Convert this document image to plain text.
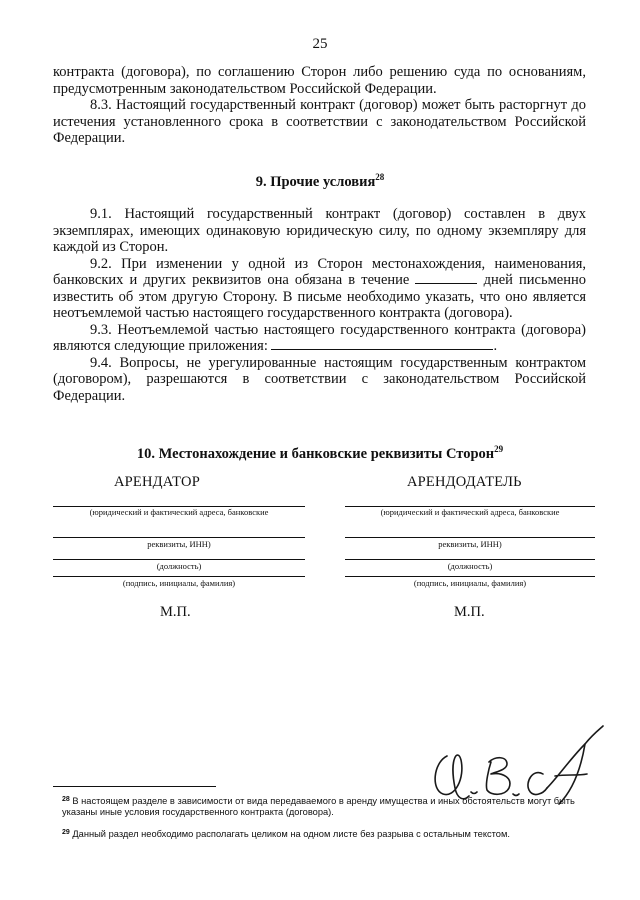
25

контракта (договора), по соглашению Сторон либо решению суда по основаниям,

предусмотренным законодательством Российской Федерации.

8.3. Настоящий государственный контракт (договор) может быть расторгнут до истечения установленного срока в соответствии с законодательством Российской Федерации.

9. Прочие условия$^{28}$

9.1. Настоящий государственный контракт (договор) составлен в двух экземплярах, имеющих одинаковую юридическую силу, по одному экземпляру для каждой из Сторон.

9.2. При изменении у одной из Сторон местонахождения, наименования, банковских и других реквизитов она обязана в течение	дней письменно известить об этом другую Сторону. В письме необходимо указать, что оно является неотъемлемой частью настоящего государственного контракта (договора).

9.3. Неотъемлемой частью настоящего государственного контракта (договора) являются следующие приложения:	.

9.4. Вопросы, не урегулированные настоящим государственным контрактом (договором), разрешаются в соответствии с законодательством Российской Федерации.

10. Местонахождение и банковские реквизиты Сторон$^{29}$
АРЕНДАТОР
(юридический и фактический адреса, банковские
реквизиты, ИНН)
(должность)
(подпись, инициалы, фамилия)
М.П.
АРЕНДОДАТЕЛЬ
(юридический и фактический адреса, банковские
реквизиты, ИНН)
(должность)
(подпись, инициалы, фамилия)
М.П.
$^{28}$ В настоящем разделе в зависимости от вида передаваемого в аренду имущества и иных обстоятельств могут быть указаны иные условия государственного контракта (договора).
$^{29}$ Данный раздел необходимо располагать целиком на одном листе без разрыва с остальным текстом.
